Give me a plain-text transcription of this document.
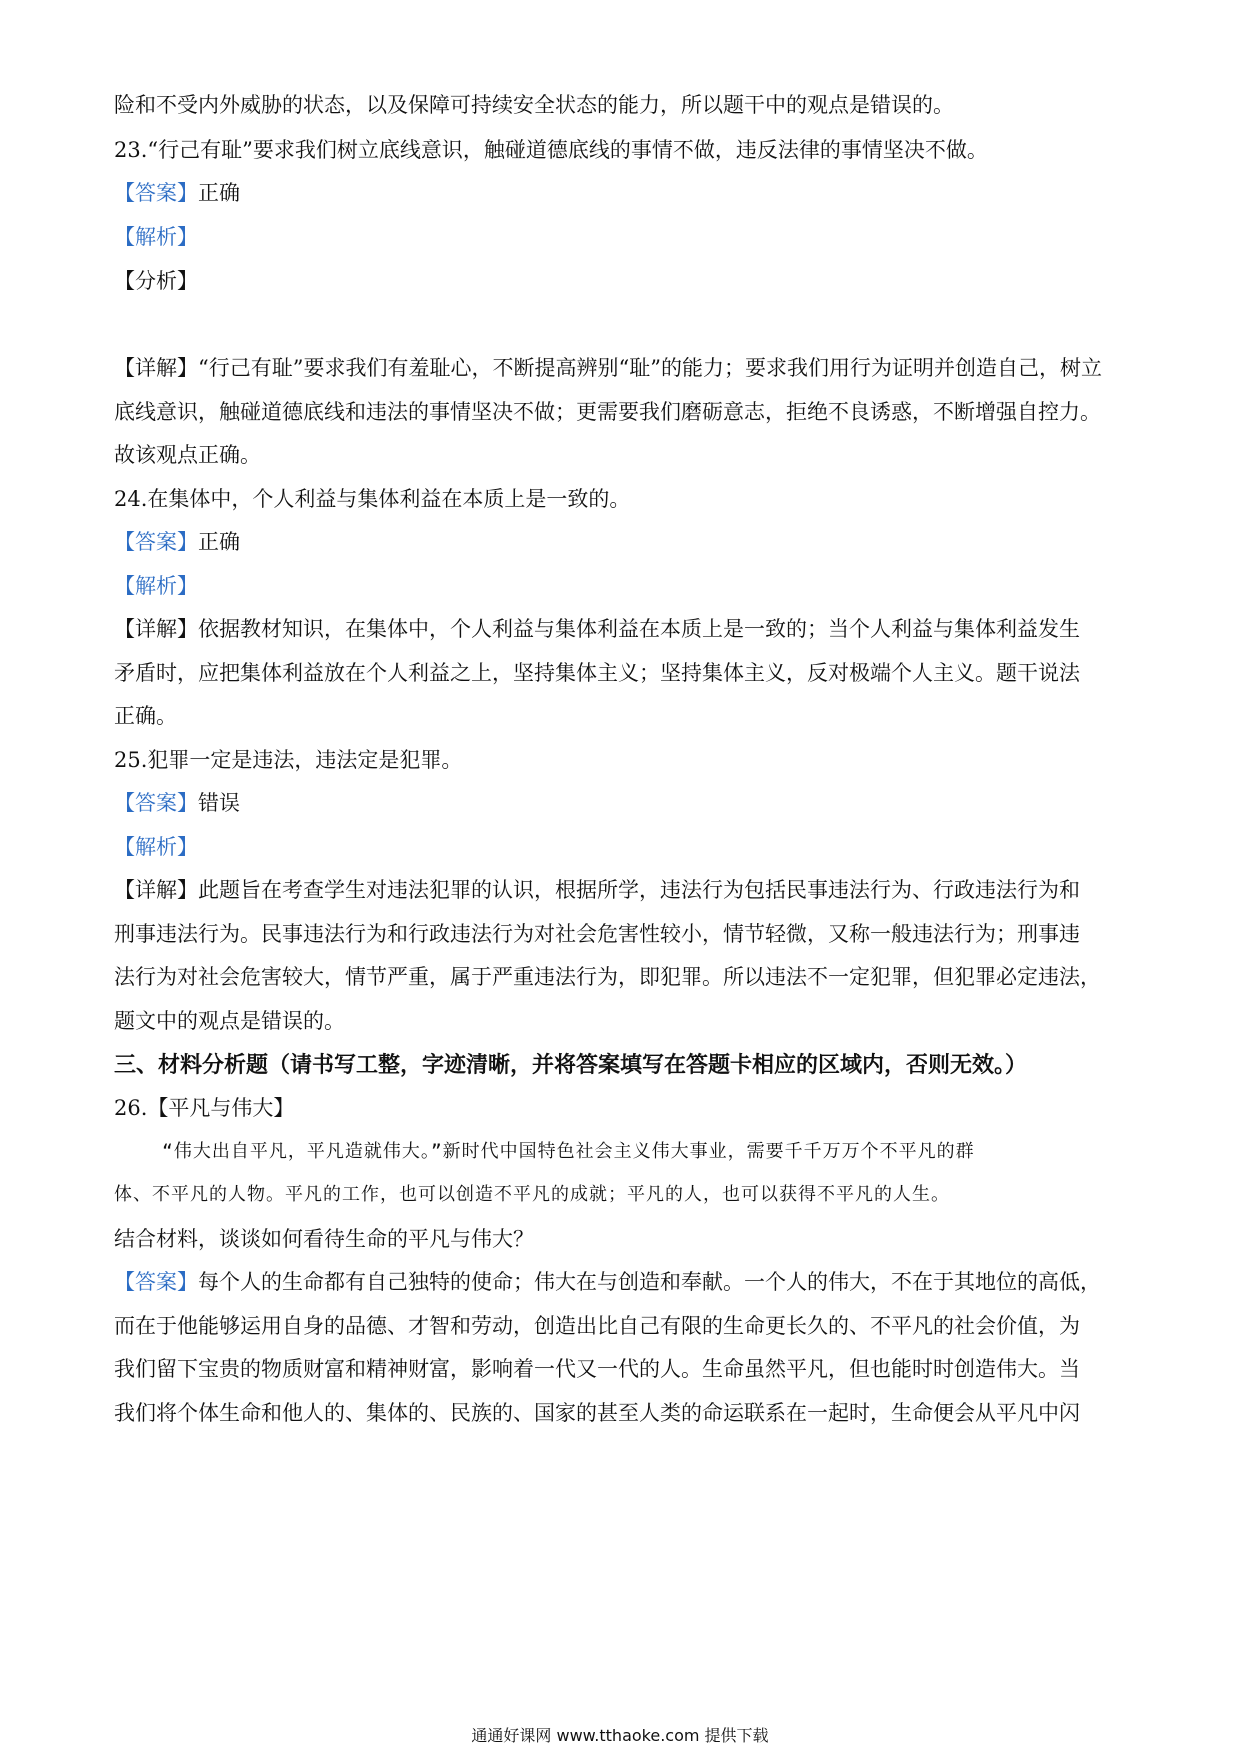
险和不受内外威胁的状态，以及保障可持续安全状态的能力，所以题干中的观点是错误的。
23.“行己有耻”要求我们树立底线意识，触碰道德底线的事情不做，违反法律的事情坚决不做。
【答案】正确
【解析】
【分析】
【详解】“行己有耻”要求我们有羞耻心，不断提高辨别“耻”的能力；要求我们用行为证明并创造自己，树立
底线意识，触碰道德底线和违法的事情坚决不做；更需要我们磨砺意志，拒绝不良诱惑，不断增强自控力。
故该观点正确。
24.在集体中，个人利益与集体利益在本质上是一致的。
【答案】正确
【解析】
【详解】依据教材知识，在集体中，个人利益与集体利益在本质上是一致的；当个人利益与集体利益发生
矛盾时，应把集体利益放在个人利益之上，坚持集体主义；坚持集体主义，反对极端个人主义。题干说法
正确。
25.犯罪一定是违法，违法定是犯罪。
【答案】错误
【解析】
【详解】此题旨在考查学生对违法犯罪的认识，根据所学，违法行为包括民事违法行为、行政违法行为和
刑事违法行为。民事违法行为和行政违法行为对社会危害性较小，情节轻微，又称一般违法行为；刑事违
法行为对社会危害较大，情节严重，属于严重违法行为，即犯罪。所以违法不一定犯罪，但犯罪必定违法，
题文中的观点是错误的。
三、材料分析题（请书写工整，字迹清晰，并将答案填写在答题卡相应的区域内，否则无效。）
26.【平凡与伟大】
“伟大出自平凡，平凡造就伟大。”新时代中国特色社会主义伟大事业，需要千千万万个不平凡的群
体、不平凡的人物。平凡的工作，也可以创造不平凡的成就；平凡的人，也可以获得不平凡的人生。
结合材料，谈谈如何看待生命的平凡与伟大？
【答案】每个人的生命都有自己独特的使命；伟大在与创造和奉献。一个人的伟大，不在于其地位的高低，
而在于他能够运用自身的品德、才智和劳动，创造出比自己有限的生命更长久的、不平凡的社会价值，为
我们留下宝贵的物质财富和精神财富，影响着一代又一代的人。生命虽然平凡，但也能时时创造伟大。当
我们将个体生命和他人的、集体的、民族的、国家的甚至人类的命运联系在一起时，生命便会从平凡中闪
通通好课网 www.tthaoke.com 提供下载
